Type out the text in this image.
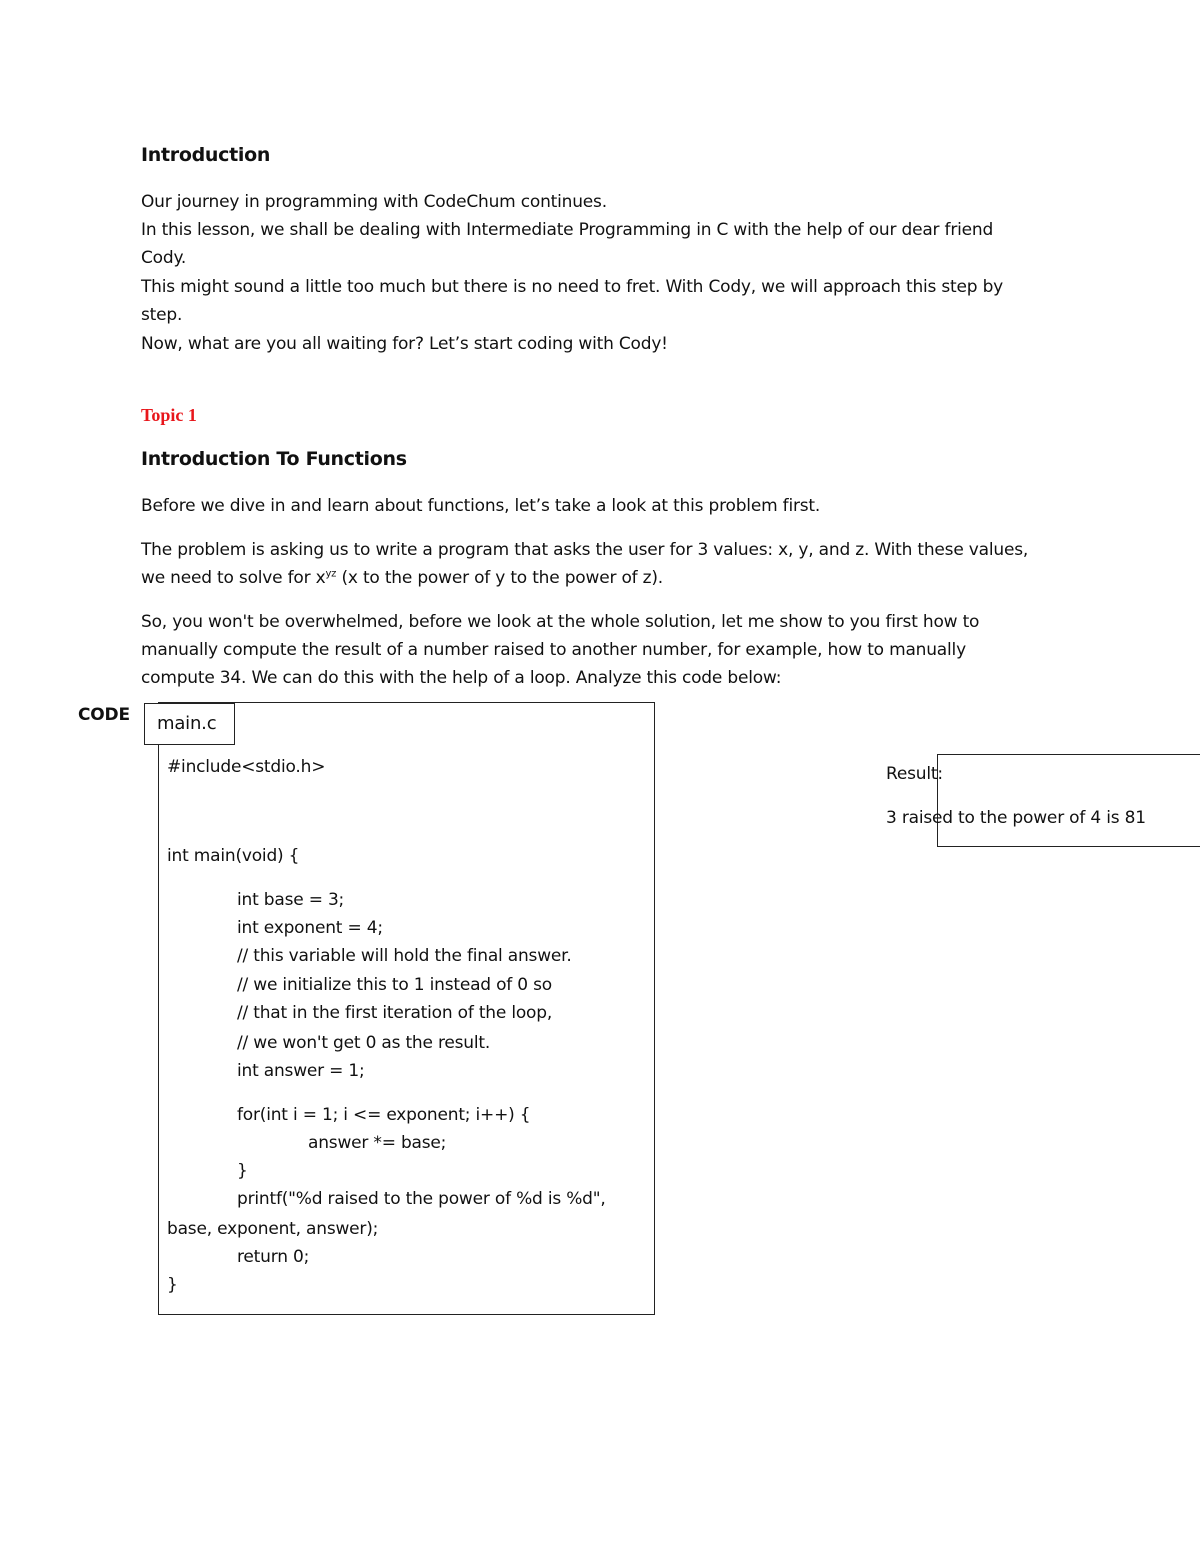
Introduction
Our journey in programming with CodeChum continues.
In this lesson, we shall be dealing with Intermediate Programming in C with the help of our dear friend
Cody.
This might sound a little too much but there is no need to fret. With Cody, we will approach this step by
step.
Now, what are you all waiting for? Let’s start coding with Cody!
Topic 1
Introduction To Functions
Before we dive in and learn about functions, let’s take a look at this problem first.
The problem is asking us to write a program that asks the user for 3 values: x, y, and z. With these values,
we need to solve for $x^{yz}$ (x to the power of y to the power of z).
So, you won't be overwhelmed, before we look at the whole solution, let me show to you first how to
manually compute the result of a number raised to another number, for example, how to manually
compute 34. We can do this with the help of a loop. Analyze this code below:
CODE	main.c
#include<stdio.h>
int main(void) {
int base = 3;
int exponent = 4;
// this variable will hold the final answer.
// we initialize this to 1 instead of 0 so
// that in the first iteration of the loop,
// we won't get 0 as the result.
int answer = 1;
for(int i = 1; i <= exponent; i++) {
answer *= base;
}
printf("%d raised to the power of %d is %d",
base, exponent, answer);
return 0;
}
Result:
3 raised to the power of 4 is 81
